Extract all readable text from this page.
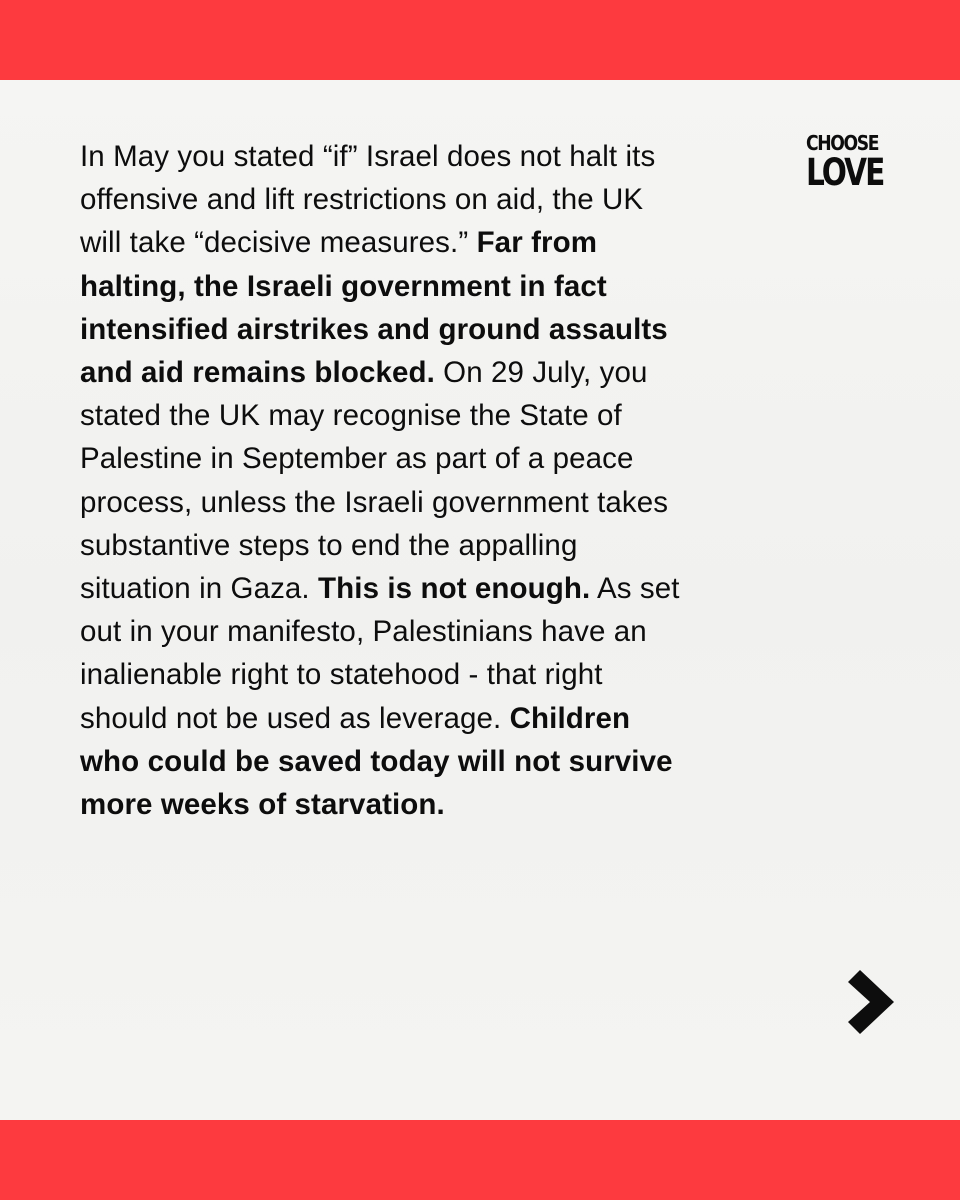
In May you stated “if” Israel does not halt its offensive and lift restrictions on aid, the UK will take “decisive measures.” Far from halting, the Israeli government in fact intensified airstrikes and ground assaults and aid remains blocked. On 29 July, you stated the UK may recognise the State of Palestine in September as part of a peace process, unless the Israeli government takes substantive steps to end the appalling situation in Gaza. This is not enough. As set out in your manifesto, Palestinians have an inalienable right to statehood - that right should not be used as leverage. Children who could be saved today will not survive more weeks of starvation.

CHOOSE
LOVE
